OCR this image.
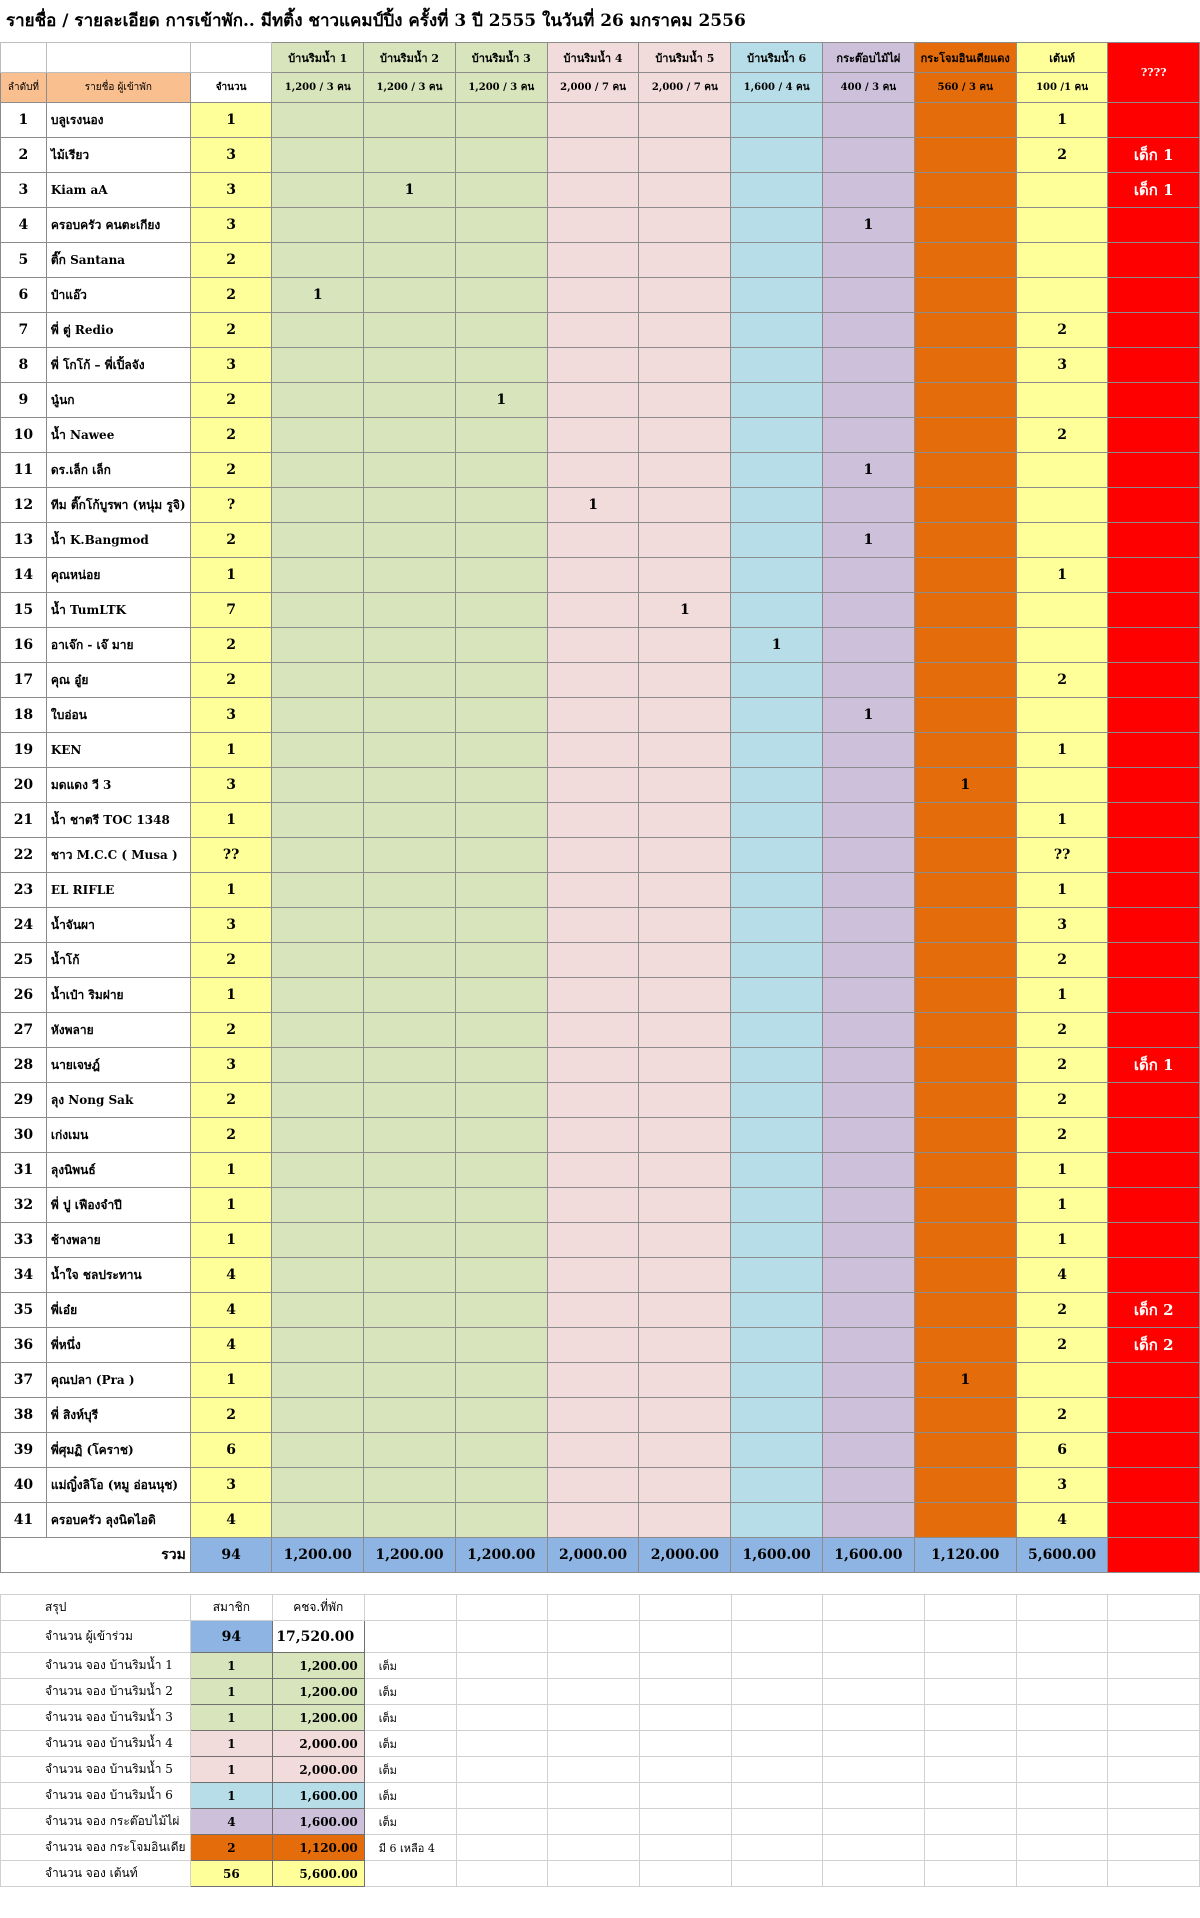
รายชื่อ / รายละเอียด การเข้าพัก.. มีทติ้ง ชาวแคมป์ปิ้ง ครั้งที่ 3 ปี 2555 ในวันที่ 26 มกราคม 2556
			บ้านริมน้ำ 1	บ้านริมน้ำ 2	บ้านริมน้ำ 3	บ้านริมน้ำ 4	บ้านริมน้ำ 5	บ้านริมน้ำ 6	กระต๊อบไม้ไผ่	กระโจมอินเดียแดง	เต้นท์	????
ลำดับที่	รายชื่อ ผู้เข้าพัก	จำนวน	1,200 / 3 คน	1,200 / 3 คน	1,200 / 3 คน	2,000 / 7 คน	2,000 / 7 คน	1,600 / 4 คน	400 / 3 คน	560 / 3 คน	100 /1 คน	
1	บลูเรงนอง	1									1	
2	ไม้เรียว	3									2	เด็ก 1
3	Kiam aA	3		1								เด็ก 1
4	ครอบครัว คนตะเกียง	3							1			
5	ติ๊ก Santana	2										
6	ป๋าแอ๊ว	2	1									
7	พี่ ตู่ Redio	2									2	
8	พี่ โกโก้ – พี่เปิ้ลจัง	3									3	
9	นู๋นก	2			1							
10	น้ำ Nawee	2									2	
11	ดร.เล็ก เล็ก	2							1			
12	ทีม ติ๊กโก้บูรพา (หนุ่ม รูจิ)	?				1						
13	น้ำ K.Bangmod	2							1			
14	คุณหน่อย	1									1	
15	น้ำ TumLTK	7					1					
16	อาเจ๊ก - เจ๊ มาย	2						1				
17	คุณ อู๋ย	2									2	
18	ใบอ่อน	3							1			
19	KEN	1									1	
20	มดแดง วี 3	3								1		
21	น้ำ ชาตรี TOC 1348	1									1	
22	ชาว M.C.C ( Musa )	??									??	
23	EL RIFLE	1									1	
24	น้ำจันผา	3									3	
25	น้ำโก้	2									2	
26	น้ำเป๋า ริมฝาย	1									1	
27	หังพลาย	2									2	
28	นายเจษฎ์	3									2	เด็ก 1
29	ลุง Nong Sak	2									2	
30	เก่งเมน	2									2	
31	ลุงนิพนธ์	1									1	
32	พี่ ปู เฟืองจำปี	1									1	
33	ช้างพลาย	1									1	
34	น้ำใจ ชลประทาน	4									4	
35	พี่เอ๋ย	4									2	เด็ก 2
36	พี่หนึ่ง	4									2	เด็ก 2
37	คุณปลา (Pra )	1								1		
38	พี่ สิงห์บุรี	2									2	
39	พี่ศุมฏิ (โคราช)	6									6	
40	แม่ญิ๋งลิโอ (หมู อ่อนนุช)	3									3	
41	ครอบครัว ลุงนิดไอดิ	4									4	
รวม		94	1,200.00	1,200.00	1,200.00	2,000.00	2,000.00	1,600.00	1,600.00	1,120.00	5,600.00	
สรุป	สมาชิก	คชจ.ที่พัก									
จำนวน ผู้เข้าร่วม	94	17,520.00									
จำนวน จอง บ้านริมน้ำ 1	1	1,200.00	เต็ม								
จำนวน จอง บ้านริมน้ำ 2	1	1,200.00	เต็ม								
จำนวน จอง บ้านริมน้ำ 3	1	1,200.00	เต็ม								
จำนวน จอง บ้านริมน้ำ 4	1	2,000.00	เต็ม								
จำนวน จอง บ้านริมน้ำ 5	1	2,000.00	เต็ม								
จำนวน จอง บ้านริมน้ำ 6	1	1,600.00	เต็ม								
จำนวน จอง กระต๊อบไม้ไผ่	4	1,600.00	เต็ม								
จำนวน จอง กระโจมอินเดีย	2	1,120.00	มี 6 เหลือ 4								
จำนวน จอง เต้นท์	56	5,600.00									
